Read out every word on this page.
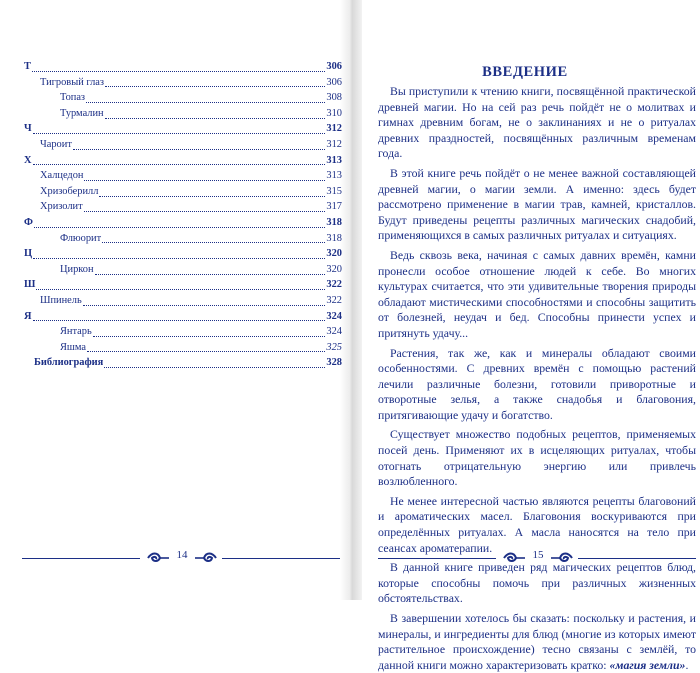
Т	306
Тигровый глаз	306
Топаз	308
Турмалин	310
Ч	312
Чароит	312
Х	313
Халцедон	313
Хризоберилл	315
Хризолит	317
Ф	318
Флюорит	318
Ц	320
Циркон	320
Ш	322
Шпинель	322
Я	324
Янтарь	324
Яшма	325
Библиография	328
14
ВВЕДЕНИЕ

Вы приступили к чтению книги, посвящённой практической древней магии. Но на сей раз речь пойдёт не о молитвах и гимнах древним богам, не о заклинаниях и не о ритуалах древних праздностей, посвящённых различным временам года.

В этой книге речь пойдёт о не менее важной составляющей древней магии, о магии земли. А именно: здесь будет рассмотрено применение в магии трав, камней, кристаллов. Будут приведены рецепты различных магических снадобий, применяющихся в самых различных ритуалах и ситуациях.

Ведь сквозь века, начиная с самых давних времён, камни пронесли особое отношение людей к себе. Во многих культурах считается, что эти удивительные творения природы обладают мистическими способностями и способны защитить от болезней, неудач и бед. Способны принести успех и притянуть удачу...

Растения, так же, как и минералы обладают своими особенностями. С древних времён с помощью растений лечили различные болезни, готовили приворотные и отворотные зелья, а также снадобья и благовония, притягивающие удачу и богатство.

Существует множество подобных рецептов, применяемых посей день. Применяют их в исцеляющих ритуалах, чтобы отогнать отрицательную энергию или привлечь возлюбленного.

Не менее интересной частью являются рецепты благовоний и ароматических масел. Благовония воскуриваются при определённых ритуалах. А масла наносятся на тело при сеансах ароматерапии.

В данной книге приведен ряд магических рецептов блюд, которые способны помочь при различных жизненных обстоятельствах.

В завершении хотелось бы сказать: поскольку и растения, и минералы, и ингредиенты для блюд (многие из которых имеют растительное происхождение) тесно связаны с землёй, то данной книги можно характеризовать кратко: «магия земли».

15
